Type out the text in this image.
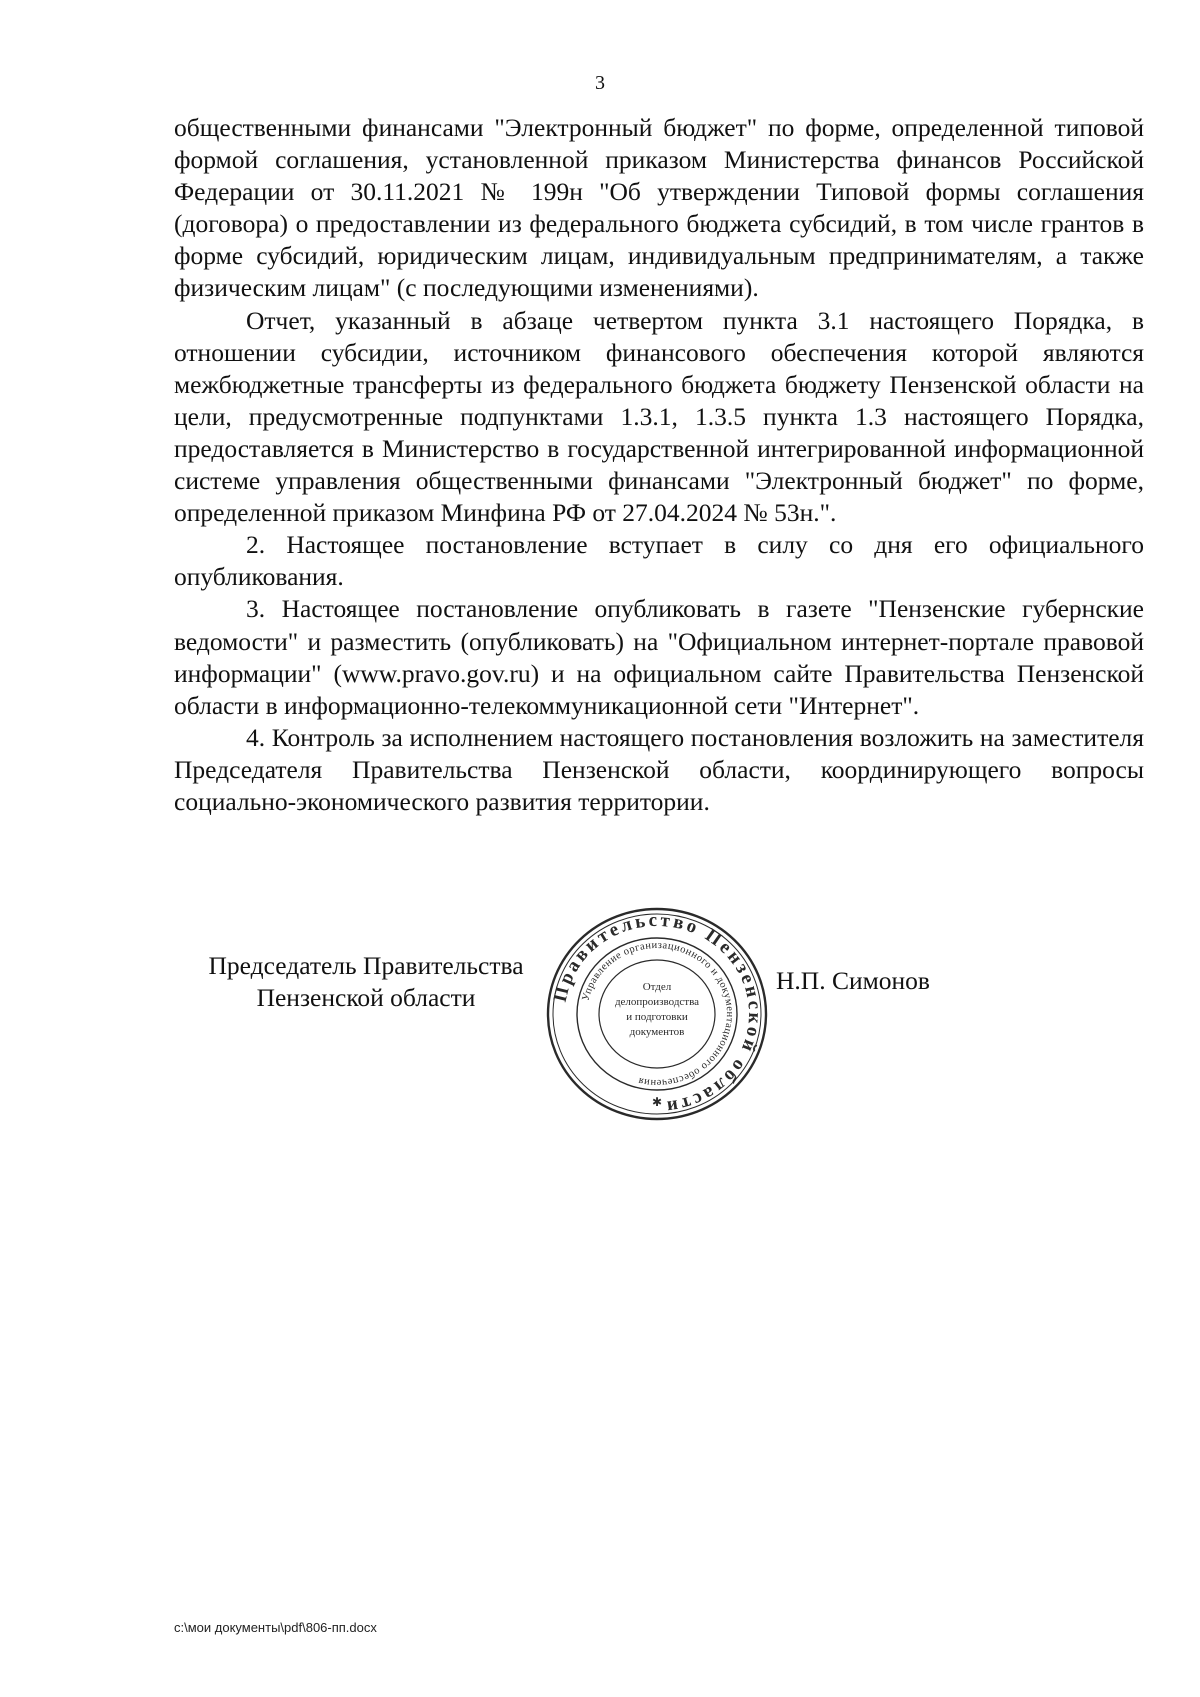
3

общественными финансами "Электронный бюджет" по форме, определенной типовой формой соглашения, установленной приказом Министерства финансов Российской Федерации от 30.11.2021 № 199н "Об утверждении Типовой формы соглашения (договора) о предоставлении из федерального бюджета субсидий, в том числе грантов в форме субсидий, юридическим лицам, индивидуальным предпринимателям, а также физическим лицам" (с последующими изменениями).

Отчет, указанный в абзаце четвертом пункта 3.1 настоящего Порядка, в отношении субсидии, источником финансового обеспечения которой являются межбюджетные трансферты из федерального бюджета бюджету Пензенской области на цели, предусмотренные подпунктами 1.3.1, 1.3.5 пункта 1.3 настоящего Порядка, предоставляется в Министерство в государственной интегрированной информационной системе управления общественными финансами "Электронный бюджет" по форме, определенной приказом Минфина РФ от 27.04.2024 № 53н.".

2. Настоящее постановление вступает в силу со дня его официального опубликования.

3. Настоящее постановление опубликовать в газете "Пензенские губернские ведомости" и разместить (опубликовать) на "Официальном интернет-портале правовой информации" (www.pravo.gov.ru) и на официальном сайте Правительства Пензенской области в информационно-телекоммуникационной сети "Интернет".

4. Контроль за исполнением настоящего постановления возложить на заместителя Председателя Правительства Пензенской области, координирующего вопросы социально-экономического развития территории.

Председатель Правительства
Пензенской области	Правительство Пензенской области
Управление организационного и документационного обеспечения
Отдел
делопроизводства
и подготовки
документов
✱
Н.П. Симонов
c:\мои документы\pdf\806-пп.docx
